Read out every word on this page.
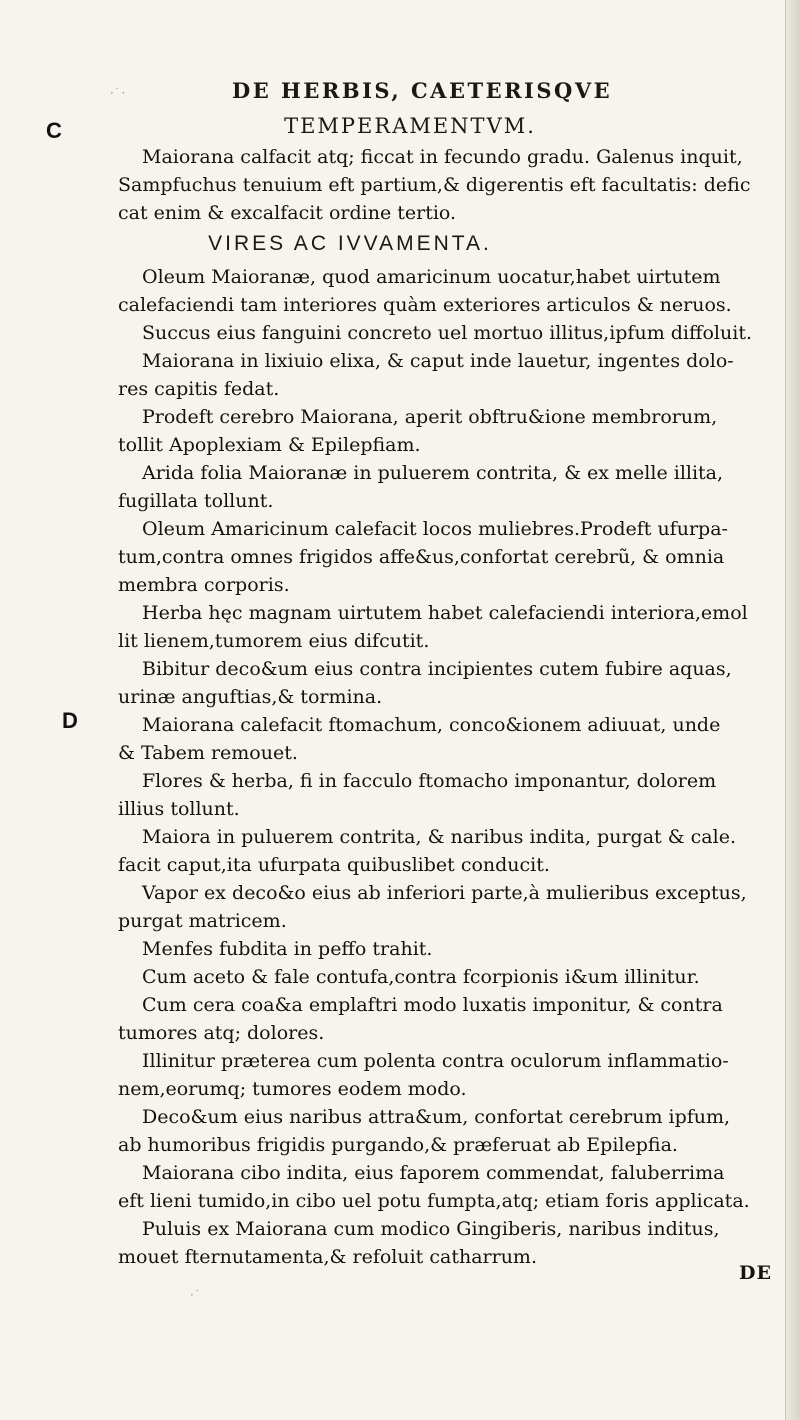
DE HERBIS, CAETERISQVE
C
D
TEMPERAMENTVM.

Maiorana calfacit atq; ficcat in fecundo gradu. Galenus inquit,
Sampfuchus tenuium eft partium,& digerentis eft facultatis: defic
cat enim & excalfacit ordine tertio.

Oleum Maioranæ, quod amaricinum uocatur,habet uirtutem
calefaciendi tam interiores quàm exteriores articulos & neruos.

Succus eius fanguini concreto uel mortuo illitus,ipfum diffoluit.

Maiorana in lixiuio elixa, & caput inde lauetur, ingentes dolo-
res capitis fedat.

Prodeft cerebro Maiorana, aperit obftru&ione membrorum,
tollit Apoplexiam & Epilepfiam.

Arida folia Maioranæ in puluerem contrita, & ex melle illita,
fugillata tollunt.

Oleum Amaricinum calefacit locos muliebres.Prodeft ufurpa-
tum,contra omnes frigidos affe&us,confortat cerebrũ, & omnia
membra corporis.

Herba hęc magnam uirtutem habet calefaciendi interiora,emol
lit lienem,tumorem eius difcutit.

Bibitur deco&um eius contra incipientes cutem fubire aquas,
urinæ anguftias,& tormina.

Maiorana calefacit ftomachum, conco&ionem adiuuat, unde
& Tabem remouet.

Flores & herba, fi in facculo ftomacho imponantur, dolorem
illius tollunt.

Maiora in puluerem contrita, & naribus indita, purgat & cale.
facit caput,ita ufurpata quibuslibet conducit.

Vapor ex deco&o eius ab inferiori parte,à mulieribus exceptus,
purgat matricem.

Menfes fubdita in peffo trahit.

Cum aceto & fale contufa,contra fcorpionis i&um illinitur.

Cum cera coa&a emplaftri modo luxatis imponitur, & contra
tumores atq; dolores.

Illinitur præterea cum polenta contra oculorum inflammatio-
nem,eorumq; tumores eodem modo.

Deco&um eius naribus attra&um, confortat cerebrum ipfum,
ab humoribus frigidis purgando,& præferuat ab Epilepfia.

Maiorana cibo indita, eius faporem commendat, faluberrima
eft lieni tumido,in cibo uel potu fumpta,atq; etiam foris applicata.

Puluis ex Maiorana cum modico Gingiberis, naribus inditus,
mouet fternutamenta,& refoluit catharrum.

VIRES AC IVVAMENTA.
DE
· ͘ ·
· ͘
